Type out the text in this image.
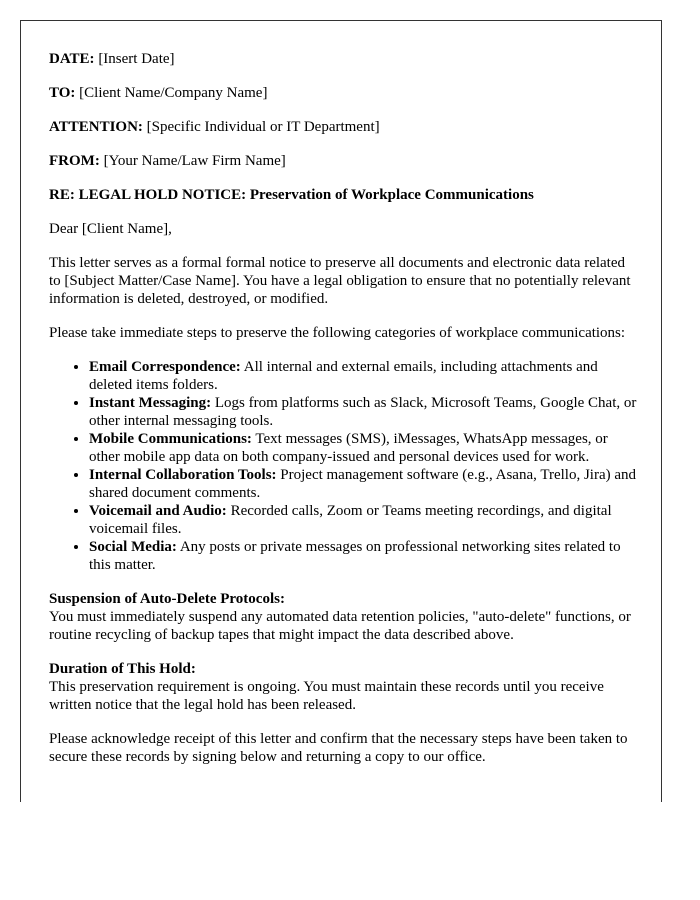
DATE: [Insert Date]

TO: [Client Name/Company Name]

ATTENTION: [Specific Individual or IT Department]

FROM: [Your Name/Law Firm Name]

RE: LEGAL HOLD NOTICE: Preservation of Workplace Communications

Dear [Client Name],

This letter serves as a formal formal notice to preserve all documents and electronic data related to [Subject Matter/Case Name]. You have a legal obligation to ensure that no potentially relevant information is deleted, destroyed, or modified.

Please take immediate steps to preserve the following categories of workplace communications:

• Email Correspondence: All internal and external emails, including attachments and deleted items folders.
• Instant Messaging: Logs from platforms such as Slack, Microsoft Teams, Google Chat, or other internal messaging tools.
• Mobile Communications: Text messages (SMS), iMessages, WhatsApp messages, or other mobile app data on both company-issued and personal devices used for work.
• Internal Collaboration Tools: Project management software (e.g., Asana, Trello, Jira) and shared document comments.
• Voicemail and Audio: Recorded calls, Zoom or Teams meeting recordings, and digital voicemail files.
• Social Media: Any posts or private messages on professional networking sites related to this matter.

Suspension of Auto-Delete Protocols:
You must immediately suspend any automated data retention policies, "auto-delete" functions, or routine recycling of backup tapes that might impact the data described above.

Duration of This Hold:
This preservation requirement is ongoing. You must maintain these records until you receive written notice that the legal hold has been released.

Please acknowledge receipt of this letter and confirm that the necessary steps have been taken to secure these records by signing below and returning a copy to our office.
